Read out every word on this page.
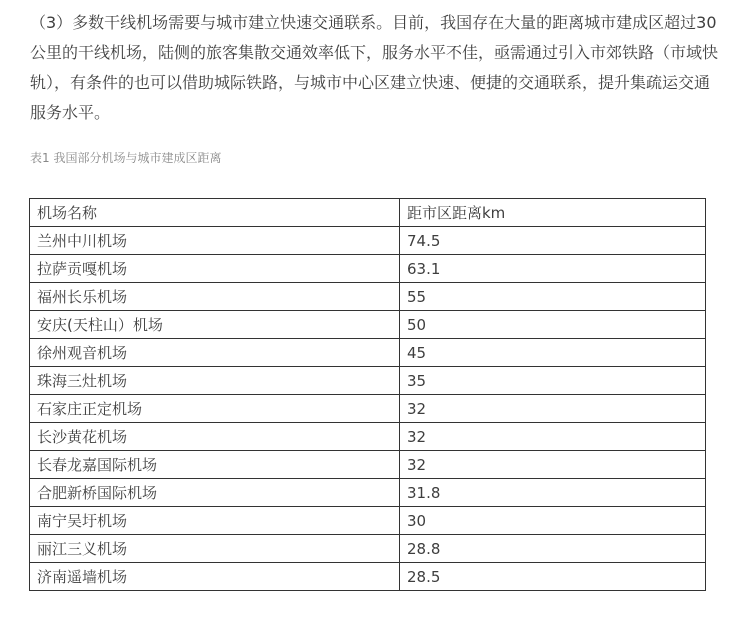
（3）多数干线机场需要与城市建立快速交通联系。目前，我国存在大量的距离城市建成区超过30公里的干线机场，陆侧的旅客集散交通效率低下，服务水平不佳，亟需通过引入市郊铁路（市域快轨），有条件的也可以借助城际铁路，与城市中心区建立快速、便捷的交通联系，提升集疏运交通服务水平。

表1 我国部分机场与城市建成区距离

机场名称	距市区距离km
兰州中川机场	74.5
拉萨贡嘎机场	63.1
福州长乐机场	55
安庆(天柱山）机场	50
徐州观音机场	45
珠海三灶机场	35
石家庄正定机场	32
长沙黄花机场	32
长春龙嘉国际机场	32
合肥新桥国际机场	31.8
南宁吴圩机场	30
丽江三义机场	28.8
济南遥墙机场	28.5
